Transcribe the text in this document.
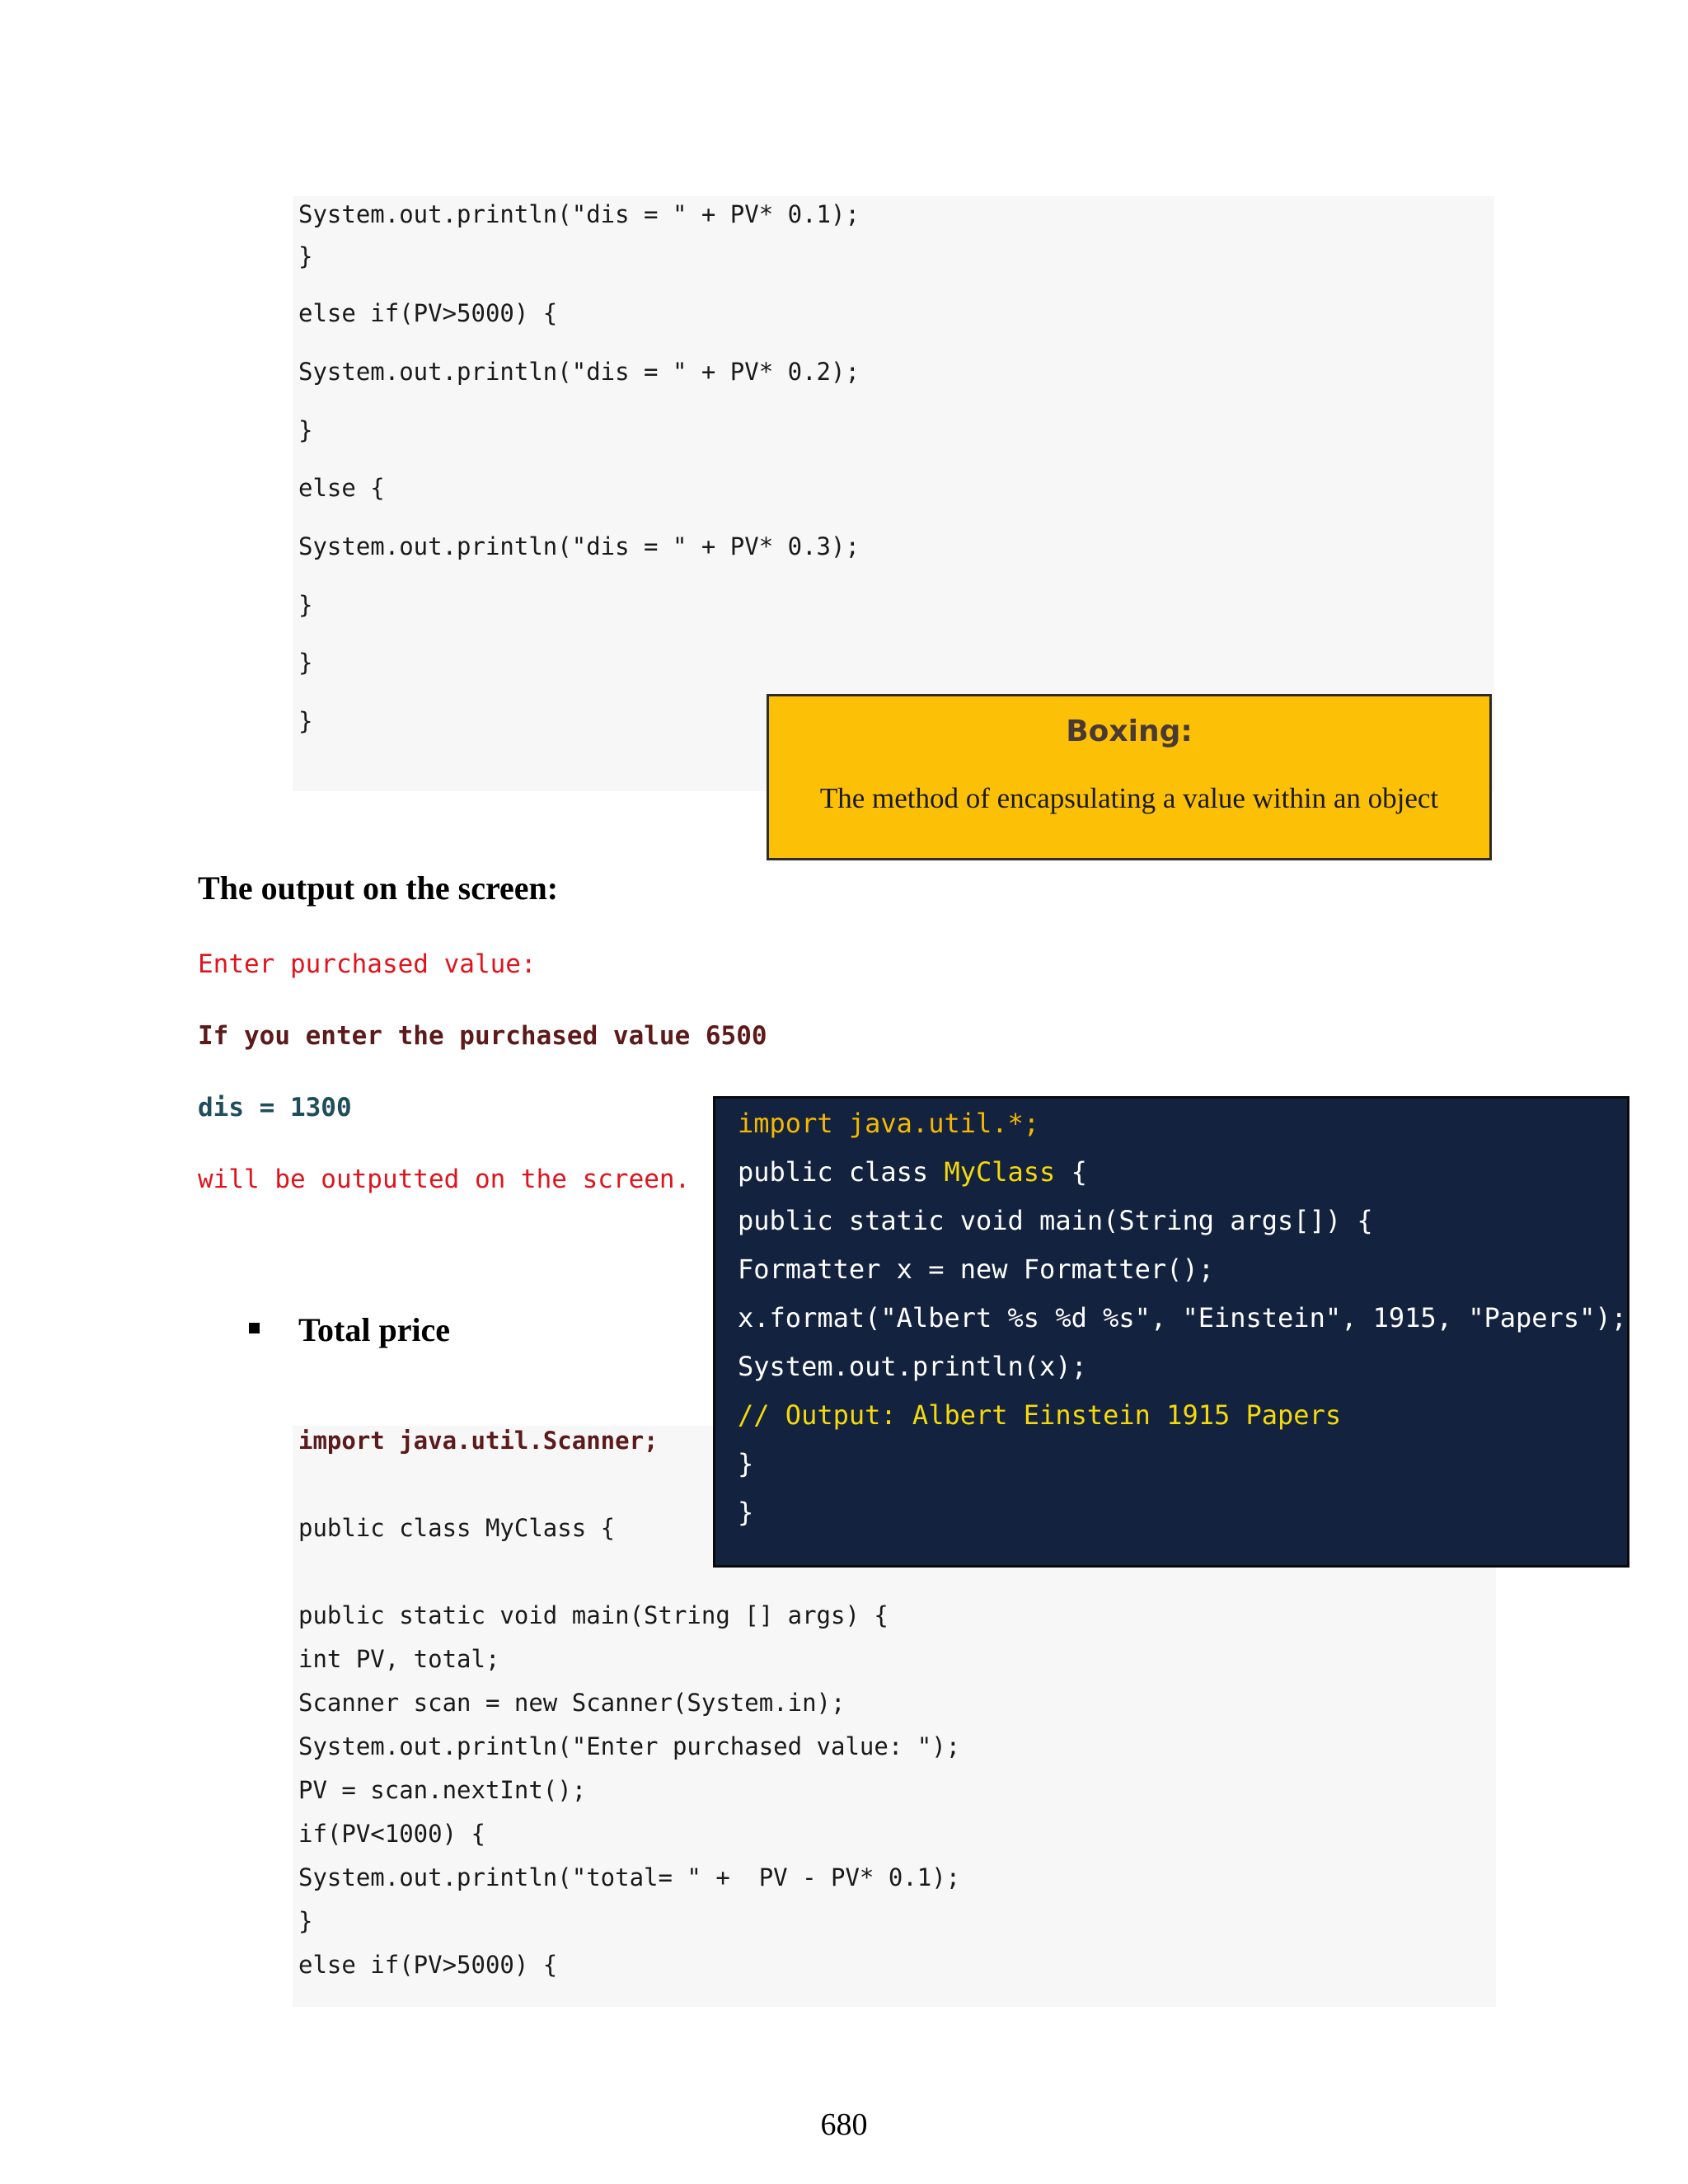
System.out.println("dis = " + PV* 0.1);
}
else if(PV>5000) {
System.out.println("dis = " + PV* 0.2);
}
else {
System.out.println("dis = " + PV* 0.3);
}
}
}	Boxing:
The method of encapsulating a value within an object
The output on the screen:
Enter purchased value:
If you enter the purchased value 6500
dis = 1300
will be outputted on the screen.
Total price
import java.util.Scanner;
public class MyClass {
public static void main(String [] args) {
int PV, total;
Scanner scan = new Scanner(System.in);
System.out.println("Enter purchased value: ");
PV = scan.nextInt();
if(PV<1000) {
System.out.println("total= " +  PV - PV* 0.1);
}
else if(PV>5000) {
import java.util.*;
public class MyClass {
public static void main(String args[]) {
Formatter x = new Formatter();
x.format("Albert %s %d %s", "Einstein", 1915, "Papers");
System.out.println(x);
// Output: Albert Einstein 1915 Papers
}
}
680
